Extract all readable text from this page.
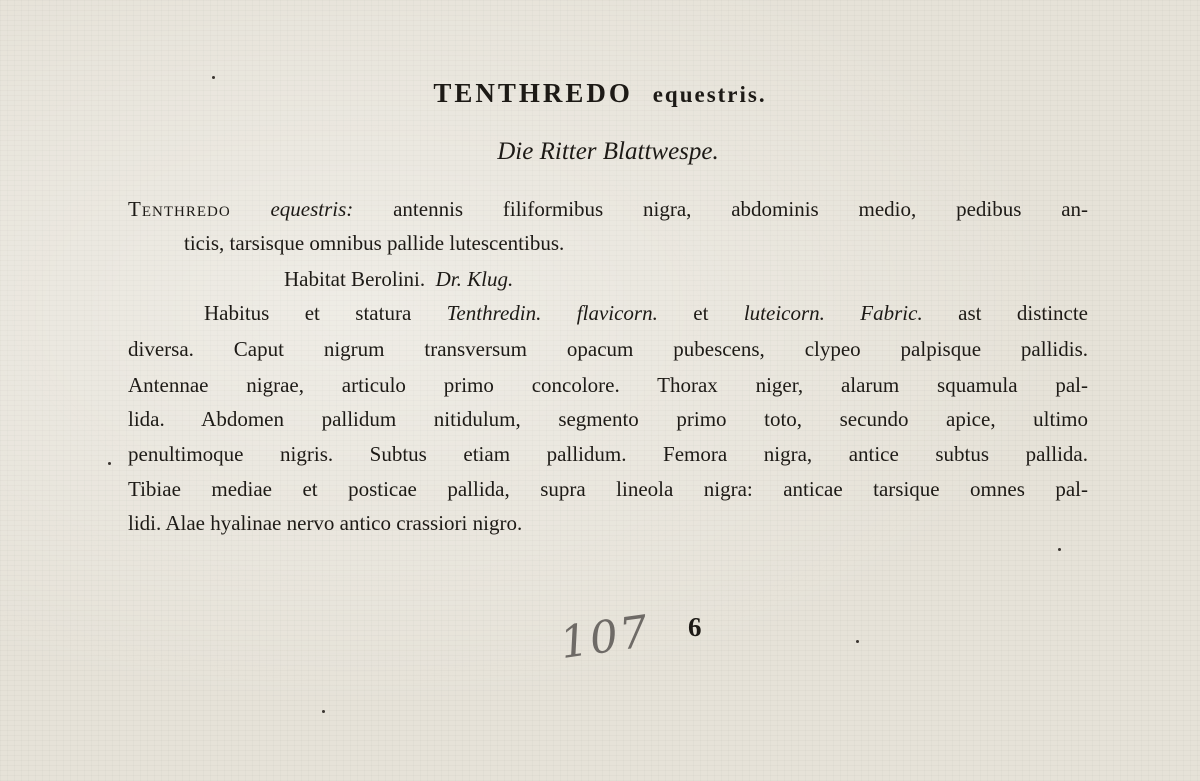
TENTHREDO equestris.
Die Ritter Blattwespe.
Tenthredo equestris: antennis filiformibus nigra, abdominis medio, pedibus an-
ticis, tarsisque omnibus pallide lutescentibus.
Habitat Berolini. Dr. Klug.
Habitus et statura Tenthredin. flavicorn. et luteicorn. Fabric. ast distincte
diversa. Caput nigrum transversum opacum pubescens, clypeo palpisque pallidis.
Antennae nigrae, articulo primo concolore. Thorax niger, alarum squamula pal-
lida. Abdomen pallidum nitidulum, segmento primo toto, secundo apice, ultimo
penultimoque nigris. Subtus etiam pallidum. Femora nigra, antice subtus pallida.
Tibiae mediae et posticae pallida, supra lineola nigra: anticae tarsique omnes pal-
lidi. Alae hyalinae nervo antico crassiori nigro.
107 6
